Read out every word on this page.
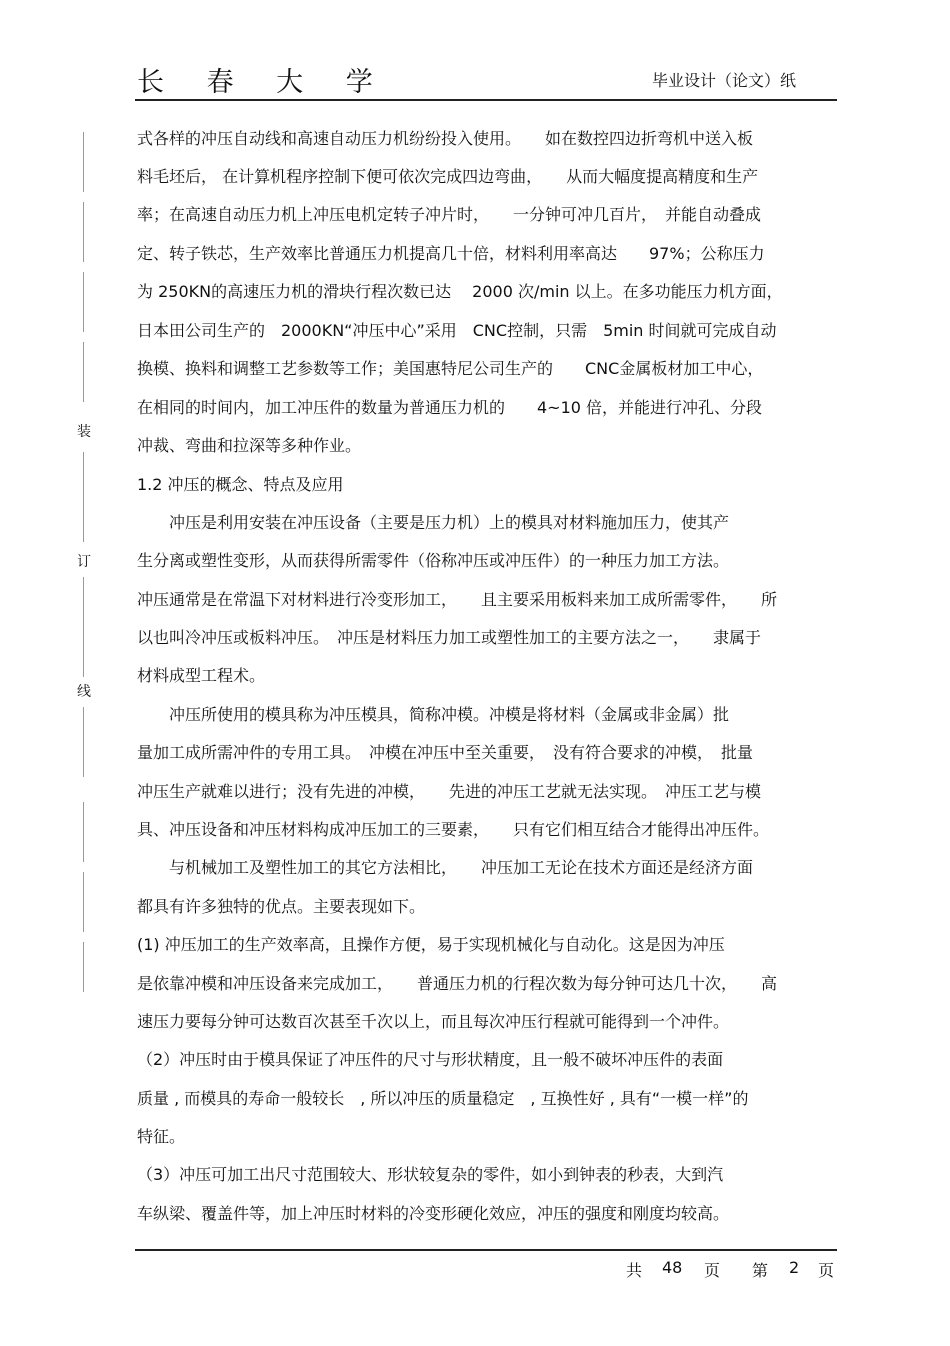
长 春 大 学	毕业设计（论文）纸
装
订
线
式各样的冲压自动线和高速自动压力机纷纷投入使用。　　如在数控四边折弯机中送入板
料毛坯后， 在计算机程序控制下便可依次完成四边弯曲，　　从而大幅度提高精度和生产
率；在高速自动压力机上冲压电机定转子冲片时，　　一分钟可冲几百片，　并能自动叠成
定、转子铁芯，生产效率比普通压力机提高几十倍，材料利用率高达　　97%；公称压力
为 250KN的高速压力机的滑块行程次数已达　 2000 次/min 以上。在多功能压力机方面，
日本田公司生产的　2000KN“冲压中心”采用　CNC控制，只需　5min 时间就可完成自动
换模、换料和调整工艺参数等工作；美国惠特尼公司生产的　　CNC金属板材加工中心，
在相同的时间内，加工冲压件的数量为普通压力机的　　4~10 倍，并能进行冲孔、分段
冲裁、弯曲和拉深等多种作业。
1.2 冲压的概念、特点及应用
　　冲压是利用安装在冲压设备（主要是压力机）上的模具对材料施加压力，使其产
生分离或塑性变形，从而获得所需零件（俗称冲压或冲压件）的一种压力加工方法。
冲压通常是在常温下对材料进行冷变形加工，　　且主要采用板料来加工成所需零件，　　所
以也叫冷冲压或板料冲压。　冲压是材料压力加工或塑性加工的主要方法之一，　　隶属于
材料成型工程术。
　　冲压所使用的模具称为冲压模具，简称冲模。冲模是将材料（金属或非金属）批
量加工成所需冲件的专用工具。　冲模在冲压中至关重要，　没有符合要求的冲模，　批量
冲压生产就难以进行；没有先进的冲模，　　先进的冲压工艺就无法实现。　冲压工艺与模
具、冲压设备和冲压材料构成冲压加工的三要素，　　只有它们相互结合才能得出冲压件。
　　与机械加工及塑性加工的其它方法相比，　　冲压加工无论在技术方面还是经济方面
都具有许多独特的优点。主要表现如下。
(1) 冲压加工的生产效率高，且操作方便，易于实现机械化与自动化。这是因为冲压
是依靠冲模和冲压设备来完成加工，　　普通压力机的行程次数为每分钟可达几十次，　　高
速压力要每分钟可达数百次甚至千次以上，而且每次冲压行程就可能得到一个冲件。
（2）冲压时由于模具保证了冲压件的尺寸与形状精度，且一般不破坏冲压件的表面
质量 , 而模具的寿命一般较长　, 所以冲压的质量稳定　, 互换性好 , 具有“一模一样”的
特征。
（3）冲压可加工出尺寸范围较大、形状较复杂的零件，如小到钟表的秒表，大到汽
车纵梁、覆盖件等，加上冲压时材料的冷变形硬化效应，冲压的强度和刚度均较高。
共 48 页 第 2 页
